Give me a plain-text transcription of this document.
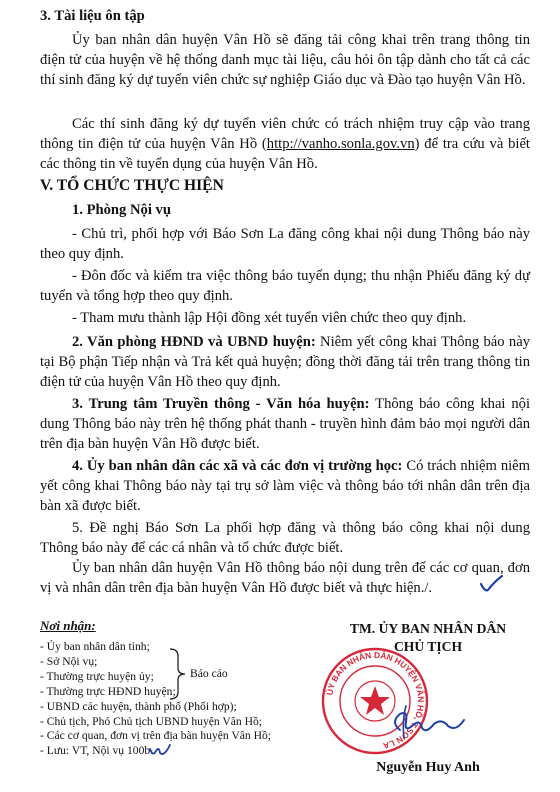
3. Tài liệu ôn tập

Ủy ban nhân dân huyện Vân Hồ sẽ đăng tải công khai trên trang thông tin điện tử của huyện về hệ thống danh mục tài liệu, câu hỏi ôn tập dành cho tất cả các thí sinh đăng ký dự tuyển viên chức sự nghiệp Giáo dục và Đào tạo huyện Vân Hồ.

Các thí sinh đăng ký dự tuyển viên chức có trách nhiệm truy cập vào trang thông tin điện tử của huyện Vân Hồ (http://vanho.sonla.gov.vn) để tra cứu và biết các thông tin về tuyển dụng của huyện Vân Hồ.

V. TỔ CHỨC THỰC HIỆN

1. Phòng Nội vụ

- Chủ trì, phối hợp với Báo Sơn La đăng công khai nội dung Thông báo này theo quy định.

- Đôn đốc và kiểm tra việc thông báo tuyển dụng; thu nhận Phiếu đăng ký dự tuyển và tổng hợp theo quy định.

- Tham mưu thành lập Hội đồng xét tuyển viên chức theo quy định.

2. Văn phòng HĐND và UBND huyện: Niêm yết công khai Thông báo này tại Bộ phận Tiếp nhận và Trả kết quả huyện; đồng thời đăng tải trên trang thông tin điện tử của huyện Vân Hồ theo quy định.

3. Trung tâm Truyền thông - Văn hóa huyện: Thông báo công khai nội dung Thông báo này trên hệ thống phát thanh - truyền hình đảm bảo mọi người dân trên địa bàn huyện Vân Hồ được biết.

4. Ủy ban nhân dân các xã và các đơn vị trường học: Có trách nhiệm niêm yết công khai Thông báo này tại trụ sở làm việc và thông báo tới nhân dân trên địa bàn xã được biết.

5. Đề nghị Báo Sơn La phối hợp đăng và thông báo công khai nội dung Thông báo này để các cá nhân và tổ chức được biết.

Ủy ban nhân dân huyện Vân Hồ thông báo nội dung trên để các cơ quan, đơn vị và nhân dân trên địa bàn huyện Vân Hồ được biết và thực hiện./.

Nơi nhận:
- Ủy ban nhân dân tỉnh;
- Sở Nội vụ;
- Thường trực huyện ủy;
- Thường trực HĐND huyện;
- UBND các huyện, thành phố (Phối hợp);
- Chủ tịch, Phó Chủ tịch UBND huyện Vân Hồ;
- Các cơ quan, đơn vị trên địa bàn huyện Vân Hồ;
- Lưu: VT, Nội vụ 100b.
Báo cáo
TM. ỦY BAN NHÂN DÂN
CHỦ TỊCH
ỦY BAN NHÂN DÂN HUYỆN VÂN HỒ, T.SƠN LA
Nguyễn Huy Anh
